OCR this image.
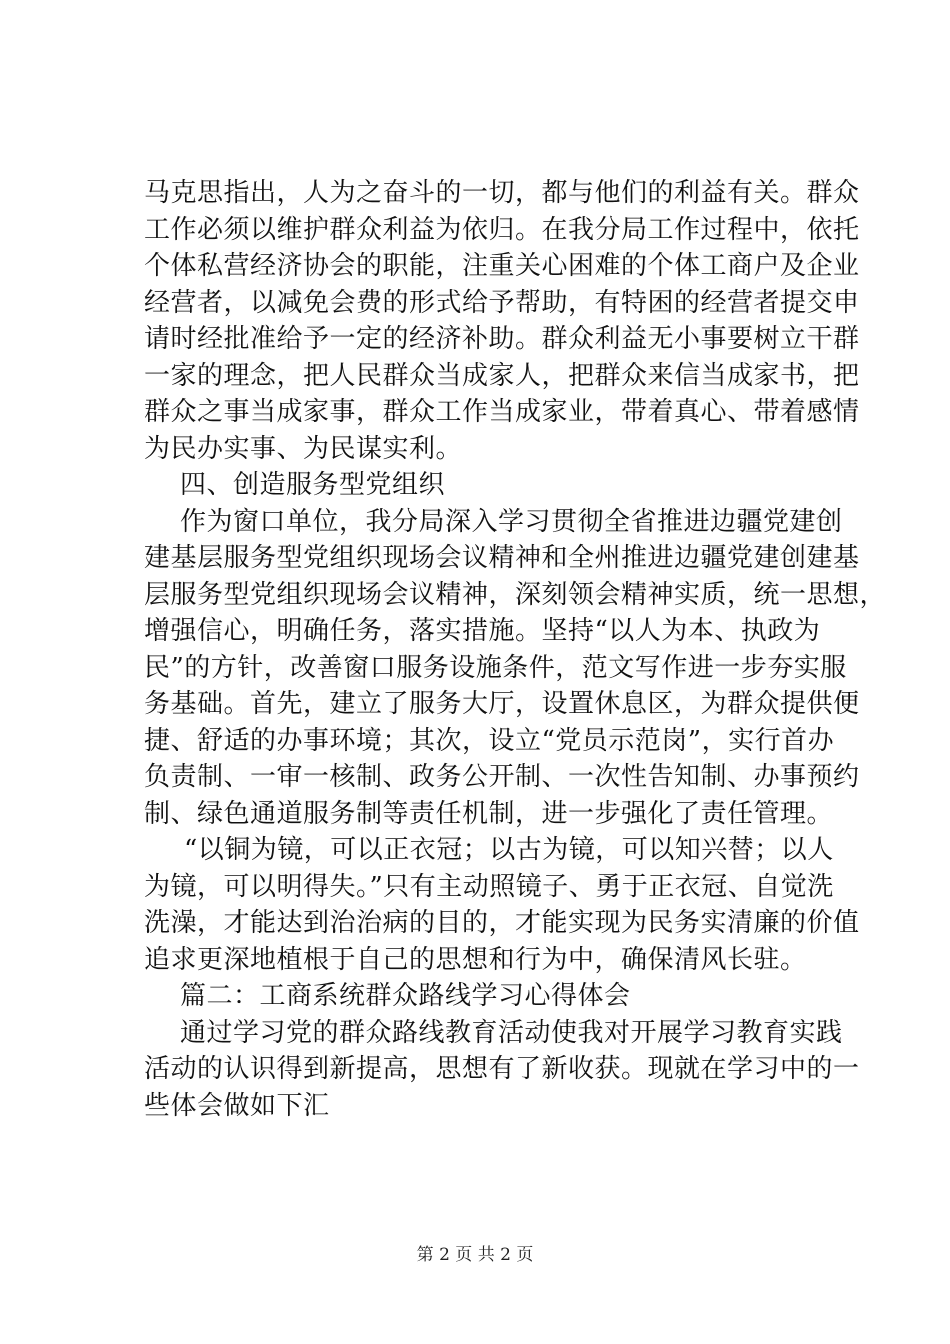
马克思指出，人为之奋斗的一切，都与他们的利益有关。群众
工作必须以维护群众利益为依归。在我分局工作过程中，依托
个体私营经济协会的职能，注重关心困难的个体工商户及企业
经营者，以减免会费的形式给予帮助，有特困的经营者提交申
请时经批准给予一定的经济补助。群众利益无小事要树立干群
一家的理念，把人民群众当成家人，把群众来信当成家书，把
群众之事当成家事，群众工作当成家业，带着真心、带着感情
为民办实事、为民谋实利。
四、创造服务型党组织
作为窗口单位，我分局深入学习贯彻全省推进边疆党建创
建基层服务型党组织现场会议精神和全州推进边疆党建创建基
层服务型党组织现场会议精神，深刻领会精神实质，统一思想，
增强信心，明确任务，落实措施。坚持“以人为本、执政为
民”的方针，改善窗口服务设施条件，范文写作进一步夯实服
务基础。首先，建立了服务大厅，设置休息区，为群众提供便
捷、舒适的办事环境；其次，设立“党员示范岗”，实行首办
负责制、一审一核制、政务公开制、一次性告知制、办事预约
制、绿色通道服务制等责任机制，进一步强化了责任管理。
“以铜为镜，可以正衣冠；以古为镜，可以知兴替；以人
为镜，可以明得失。”只有主动照镜子、勇于正衣冠、自觉洗
洗澡，才能达到治治病的目的，才能实现为民务实清廉的价值
追求更深地植根于自己的思想和行为中，确保清风长驻。
篇二：工商系统群众路线学习心得体会
通过学习党的群众路线教育活动使我对开展学习教育实践
活动的认识得到新提高，思想有了新收获。现就在学习中的一
些体会做如下汇
第 2 页 共 2 页
